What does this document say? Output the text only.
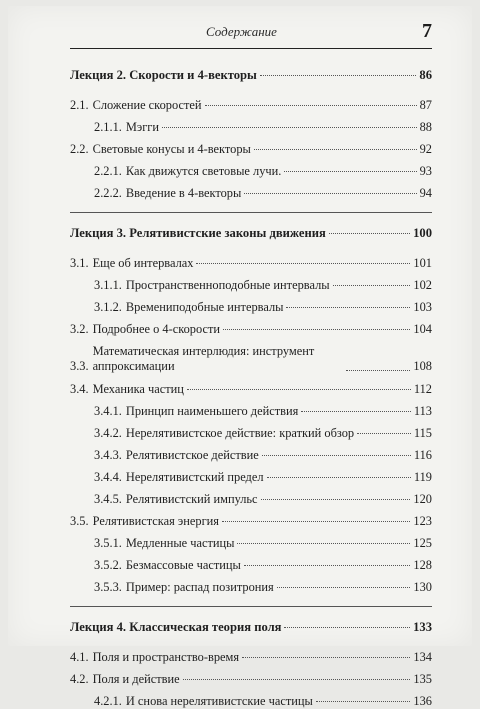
Содержание	7
Лекция 2. Скорости и 4-векторы	86
2.1. Сложение скоростей	87
2.1.1. Мэгги	88
2.2. Световые конусы и 4-векторы	92
2.2.1. Как движутся световые лучи.	93
2.2.2. Введение в 4-векторы	94
Лекция 3. Релятивистские законы движения	100
3.1. Еще об интервалах	101
3.1.1. Пространственноподобные интервалы	102
3.1.2. Времениподобные интервалы	103
3.2. Подробнее о 4-скорости	104
3.3.
Математическая интерлюдия: инструмент аппроксимации	108
3.4. Механика частиц	112
3.4.1. Принцип наименьшего действия	113
3.4.2. Нерелятивистское действие: краткий обзор	115
3.4.3. Релятивистское действие	116
3.4.4. Нерелятивистский предел	119
3.4.5. Релятивистский импульс	120
3.5. Релятивистская энергия	123
3.5.1. Медленные частицы	125
3.5.2. Безмассовые частицы	128
3.5.3. Пример: распад позитрония	130
Лекция 4. Классическая теория поля	133
4.1. Поля и пространство-время	134
4.2. Поля и действие	135
4.2.1. И снова нерелятивистские частицы	136
